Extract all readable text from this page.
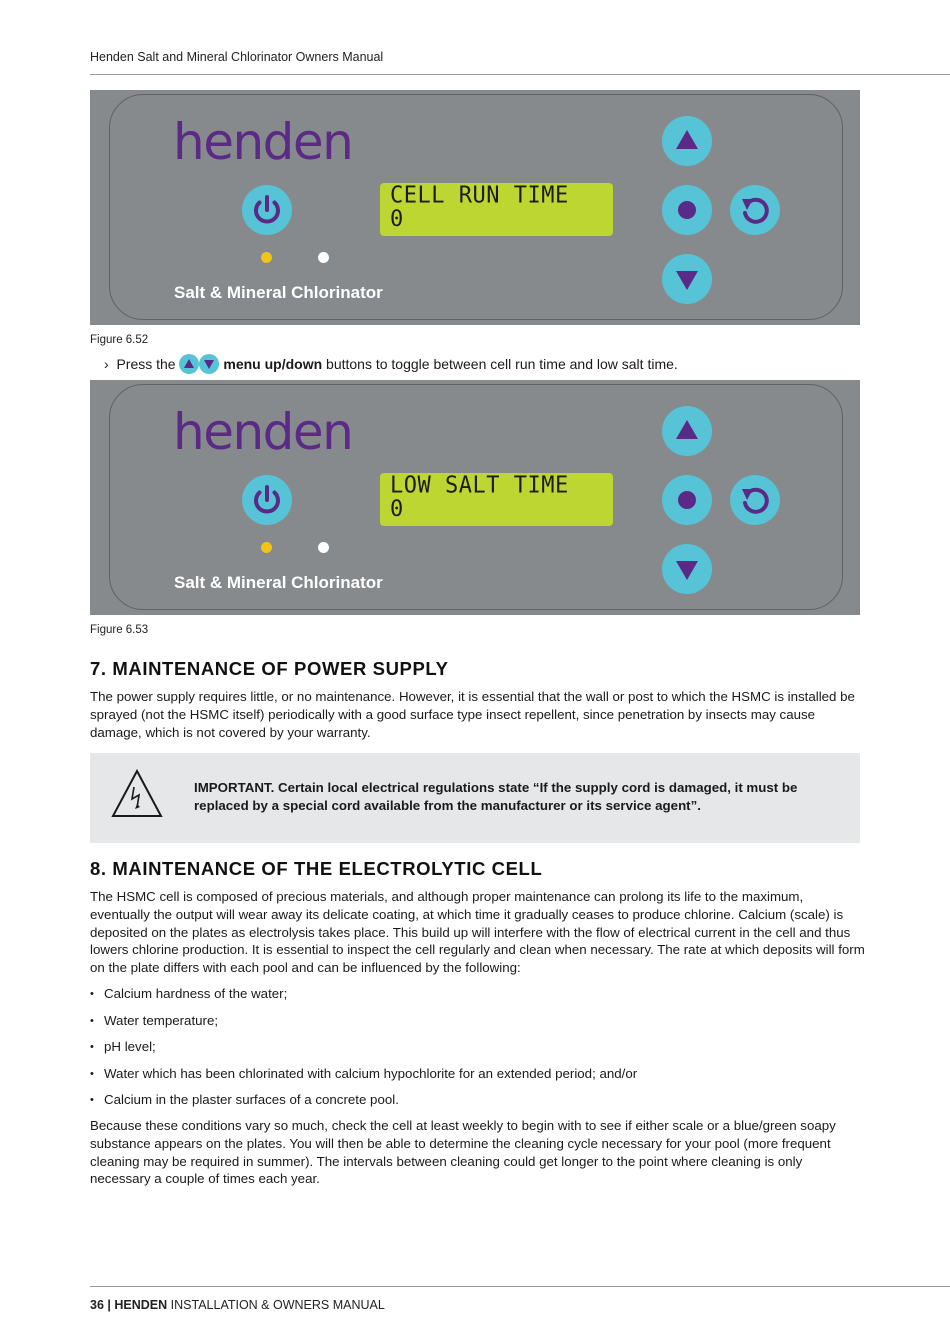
Henden Salt and Mineral Chlorinator Owners Manual
henden
CELL RUN TIME
0
Salt & Mineral Chlorinator
Figure 6.52
› Press the	menu up/down buttons to toggle between cell run time and low salt time.
henden
LOW SALT TIME
0
Salt & Mineral Chlorinator
Figure 6.53
7. MAINTENANCE OF POWER SUPPLY

The power supply requires little, or no maintenance. However, it is essential that the wall or post to which the HSMC is installed be sprayed (not the HSMC itself) periodically with a good surface type insect repellent, since penetration by insects may cause damage, which is not covered by your warranty.

IMPORTANT. Certain local electrical regulations state “If the supply cord is damaged, it must be replaced by a special cord available from the manufacturer or its service agent”.
8. MAINTENANCE OF THE ELECTROLYTIC CELL

The HSMC cell is composed of precious materials, and although proper maintenance can prolong its life to the maximum, eventually the output will wear away its delicate coating, at which time it gradually ceases to produce chlorine. Calcium (scale) is deposited on the plates as electrolysis takes place. This build up will interfere with the flow of electrical current in the cell and thus lowers chlorine production. It is essential to inspect the cell regularly and clean when necessary. The rate at which deposits will form on the plate differs with each pool and can be influenced by the following:

• Calcium hardness of the water;
• Water temperature;
• pH level;
• Water which has been chlorinated with calcium hypochlorite for an extended period; and/or
• Calcium in the plaster surfaces of a concrete pool.

Because these conditions vary so much, check the cell at least weekly to begin with to see if either scale or a blue/green soapy substance appears on the plates. You will then be able to determine the cleaning cycle necessary for your pool (more frequent cleaning may be required in summer). The intervals between cleaning could get longer to the point where cleaning is only necessary a couple of times each year.

36 | HENDEN INSTALLATION & OWNERS MANUAL
